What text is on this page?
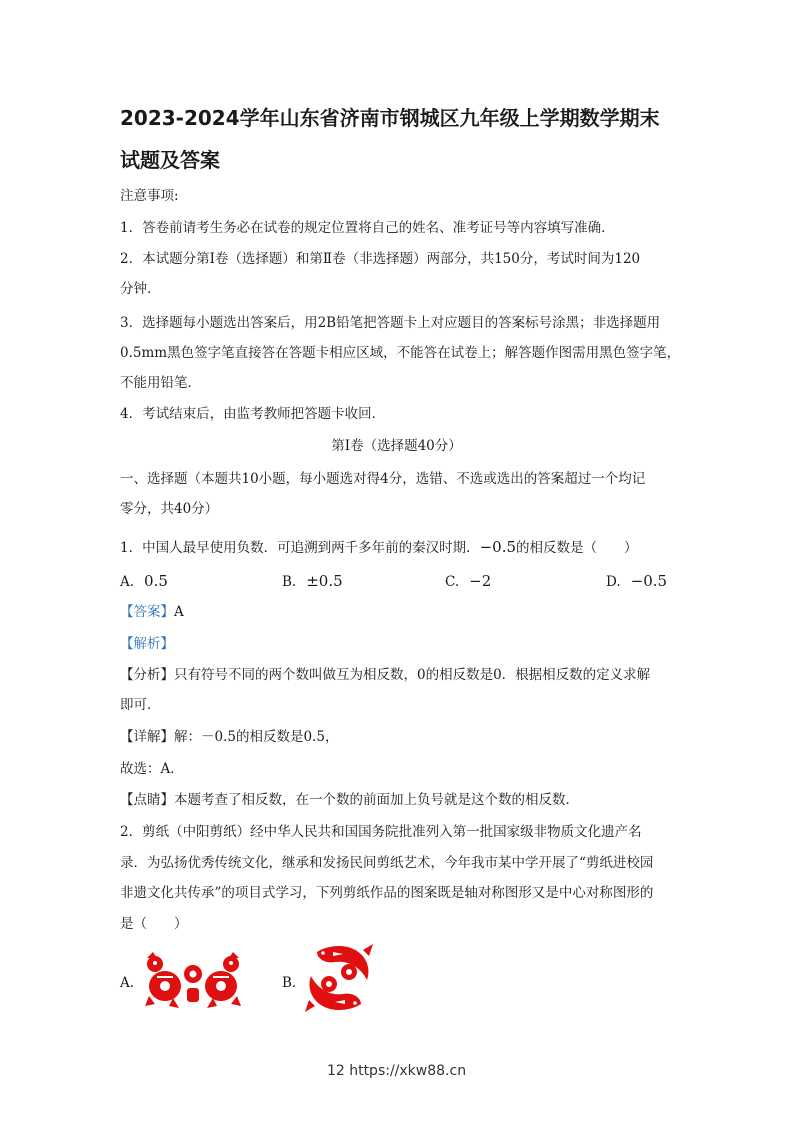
2023-2024学年山东省济南市钢城区九年级上学期数学期末
试题及答案
注意事项:
1．答卷前请考生务必在试卷的规定位置将自己的姓名、准考证号等内容填写准确．
2．本试题分第Ⅰ卷（选择题）和第Ⅱ卷（非选择题）两部分，共150分，考试时间为120
分钟．
3．选择题每小题选出答案后，用2B铅笔把答题卡上对应题目的答案标号涂黑；非选择题用
0.5mm黑色签字笔直接答在答题卡相应区域，不能答在试卷上；解答题作图需用黑色签字笔，
不能用铅笔．
4．考试结束后，由监考教师把答题卡收回．
第Ⅰ卷（选择题40分）
一、选择题（本题共10小题，每小题选对得4分，选错、不选或选出的答案超过一个均记
零分，共40分）
1．中国人最早使用负数．可追溯到两千多年前的秦汉时期．−0.5的相反数是（　　）
A. 0.5	B. ±0.5	C. −2	D. −0.5
【答案】A
【解析】
【分析】只有符号不同的两个数叫做互为相反数，0的相反数是0．根据相反数的定义求解
即可．
【详解】解：－0.5的相反数是0.5，
故选：A．
【点睛】本题考查了相反数，在一个数的前面加上负号就是这个数的相反数．
2．剪纸（中阳剪纸）经中华人民共和国国务院批准列入第一批国家级非物质文化遗产名
录．为弘扬优秀传统文化，继承和发扬民间剪纸艺术，今年我市某中学开展了“剪纸进校园
非遗文化共传承”的项目式学习，下列剪纸作品的图案既是轴对称图形又是中心对称图形的
是（　　）
A.	B.
12 https://xkw88.cn
